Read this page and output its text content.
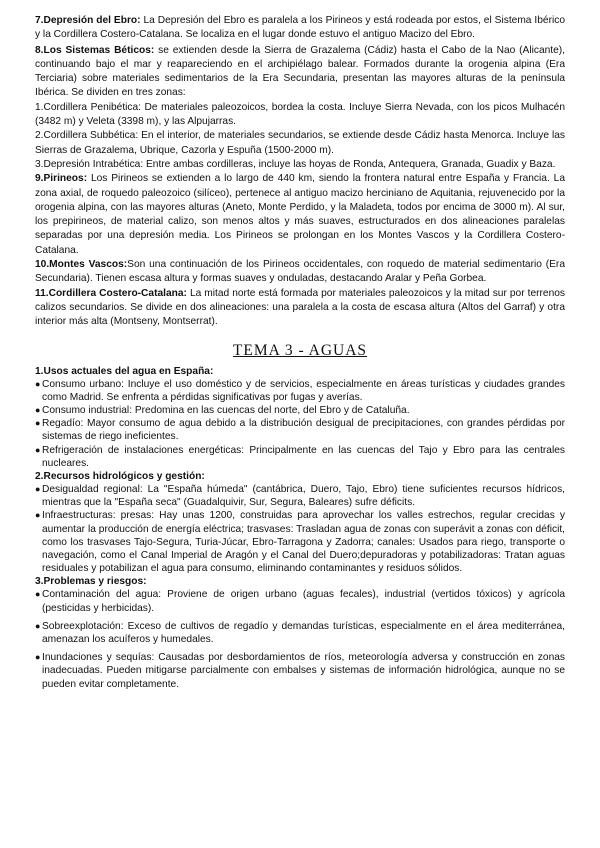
7.Depresión del Ebro: La Depresión del Ebro es paralela a los Pirineos y está rodeada por estos, el Sistema Ibérico y la Cordillera Costero-Catalana. Se localiza en el lugar donde estuvo el antiguo Macizo del Ebro.

8.Los Sistemas Béticos: se extienden desde la Sierra de Grazalema (Cádiz) hasta el Cabo de la Nao (Alicante), continuando bajo el mar y reapareciendo en el archipiélago balear. Formados durante la orogenia alpina (Era Terciaria) sobre materiales sedimentarios de la Era Secundaria, presentan las mayores alturas de la península Ibérica. Se dividen en tres zonas:

1.Cordillera Penibética: De materiales paleozoicos, bordea la costa. Incluye Sierra Nevada, con los picos Mulhacén (3482 m) y Veleta (3398 m), y las Alpujarras.

2.Cordillera Subbética: En el interior, de materiales secundarios, se extiende desde Cádiz hasta Menorca. Incluye las Sierras de Grazalema, Ubrique, Cazorla y Espuña (1500-2000 m).

3.Depresión Intrabética: Entre ambas cordilleras, incluye las hoyas de Ronda, Antequera, Granada, Guadix y Baza.

9.Pirineos: Los Pirineos se extienden a lo largo de 440 km, siendo la frontera natural entre España y Francia. La zona axial, de roquedo paleozoico (silíceo), pertenece al antiguo macizo herciniano de Aquitania, rejuvenecido por la orogenia alpina, con las mayores alturas (Aneto, Monte Perdido, y la Maladeta, todos por encima de 3000 m). Al sur, los prepirineos, de material calizo, son menos altos y más suaves, estructurados en dos alineaciones paralelas separadas por una depresión media. Los Pirineos se prolongan en los Montes Vascos y la Cordillera Costero-Catalana.

10.Montes Vascos:Son una continuación de los Pirineos occidentales, con roquedo de material sedimentario (Era Secundaria). Tienen escasa altura y formas suaves y onduladas, destacando Aralar y Peña Gorbea.

11.Cordillera Costero-Catalana: La mitad norte está formada por materiales paleozoicos y la mitad sur por terrenos calizos secundarios. Se divide en dos alineaciones: una paralela a la costa de escasa altura (Altos del Garraf) y otra interior más alta (Montseny, Montserrat).

TEMA 3 - AGUAS
1.Usos actuales del agua en España:
● Consumo urbano: Incluye el uso doméstico y de servicios, especialmente en áreas turísticas y ciudades grandes como Madrid. Se enfrenta a pérdidas significativas por fugas y averías.
● Consumo industrial: Predomina en las cuencas del norte, del Ebro y de Cataluña.
● Regadío: Mayor consumo de agua debido a la distribución desigual de precipitaciones, con grandes pérdidas por sistemas de riego ineficientes.
● Refrigeración de instalaciones energéticas: Principalmente en las cuencas del Tajo y Ebro para las centrales nucleares.
2.Recursos hidrológicos y gestión:
● Desigualdad regional: La "España húmeda" (cantábrica, Duero, Tajo, Ebro) tiene suficientes recursos hídricos, mientras que la "España seca" (Guadalquivir, Sur, Segura, Baleares) sufre déficits.
● Infraestructuras: presas: Hay unas 1200, construidas para aprovechar los valles estrechos, regular crecidas y aumentar la producción de energía eléctrica; trasvases: Trasladan agua de zonas con superávit a zonas con déficit, como los trasvases Tajo-Segura, Turia-Júcar, Ebro-Tarragona y Zadorra; canales: Usados para riego, transporte o navegación, como el Canal Imperial de Aragón y el Canal del Duero;depuradoras y potabilizadoras: Tratan aguas residuales y potabilizan el agua para consumo, eliminando contaminantes y residuos sólidos.
3.Problemas y riesgos:
● Contaminación del agua: Proviene de origen urbano (aguas fecales), industrial (vertidos tóxicos) y agrícola (pesticidas y herbicidas).
● Sobreexplotación: Exceso de cultivos de regadío y demandas turísticas, especialmente en el área mediterránea, amenazan los acuíferos y humedales.
● Inundaciones y sequías: Causadas por desbordamientos de ríos, meteorología adversa y construcción en zonas inadecuadas. Pueden mitigarse parcialmente con embalses y sistemas de información hidrológica, aunque no se pueden evitar completamente.
